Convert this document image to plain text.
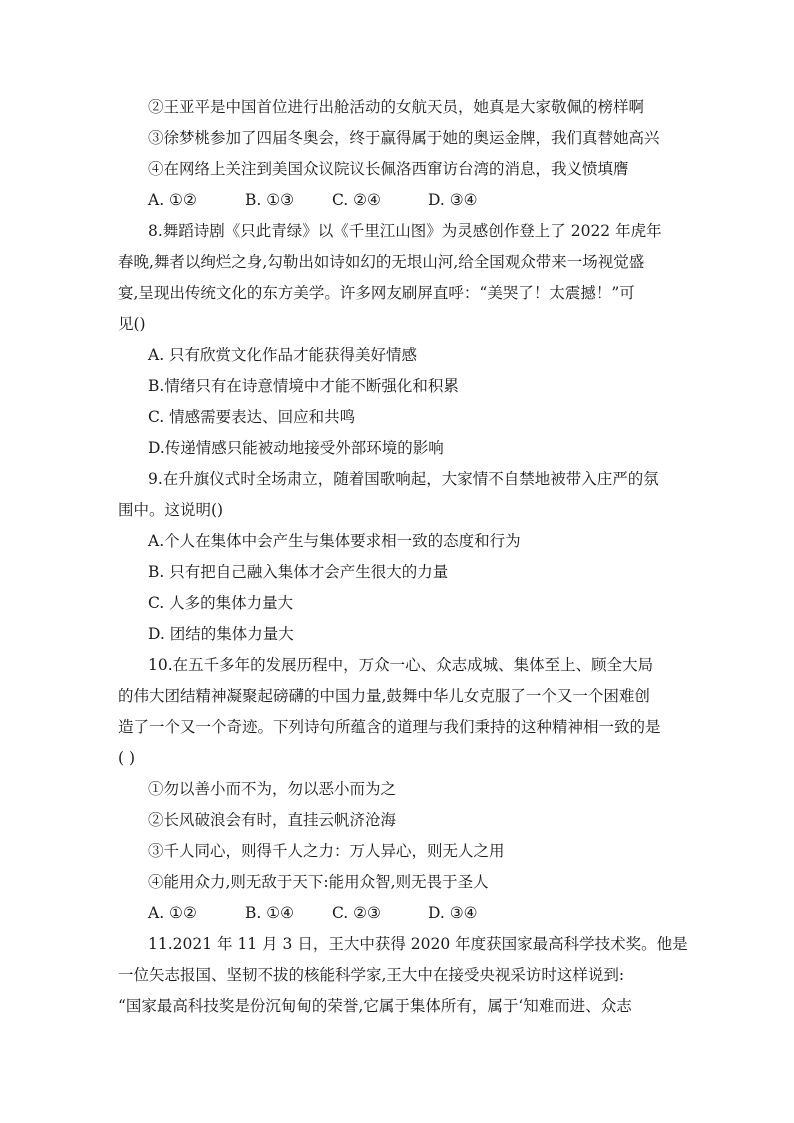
②王亚平是中国首位进行出舱活动的女航天员，她真是大家敬佩的榜样啊
③徐梦桃参加了四届冬奥会，终于赢得属于她的奥运金牌，我们真替她高兴
④在网络上关注到美国众议院议长佩洛西窜访台湾的消息，我义愤填膺
A. ①②	B. ①③ C. ②④	D. ③④
8.舞蹈诗剧《只此青绿》以《千里江山图》为灵感创作登上了 2022 年虎年
春晚,舞者以绚烂之身,勾勒出如诗如幻的无垠山河,给全国观众带来一场视觉盛
宴,呈现出传统文化的东方美学。许多网友刷屏直呼：“美哭了！太震撼！”可
见()
A. 只有欣赏文化作品才能获得美好情感
B.情绪只有在诗意情境中才能不断强化和积累
C. 情感需要表达、回应和共鸣
D.传递情感只能被动地接受外部环境的影响
9.在升旗仪式时全场肃立，随着国歌响起，大家情不自禁地被带入庄严的氛
围中。这说明()
A.个人在集体中会产生与集体要求相一致的态度和行为
B. 只有把自己融入集体才会产生很大的力量
C. 人多的集体力量大
D. 团结的集体力量大
10.在五千多年的发展历程中，万众一心、众志成城、集体至上、顾全大局
的伟大团结精神凝聚起磅礴的中国力量,鼓舞中华儿女克服了一个又一个困难创
造了一个又一个奇迹。下列诗句所蕴含的道理与我们秉持的这种精神相一致的是
( )
①勿以善小而不为，勿以恶小而为之
②长风破浪会有时，直挂云帆济沧海
③千人同心，则得千人之力：万人异心，则无人之用
④能用众力,则无敌于天下:能用众智,则无畏于圣人
A. ①②	B. ①④ C. ②③	D. ③④
11.2021 年 11 月 3 日，王大中获得 2020 年度获国家最高科学技术奖。他是
一位矢志报国、坚韧不拔的核能科学家,王大中在接受央视采访时这样说到:
“国家最高科技奖是份沉甸甸的荣誉,它属于集体所有，属于‘知难而进、众志
